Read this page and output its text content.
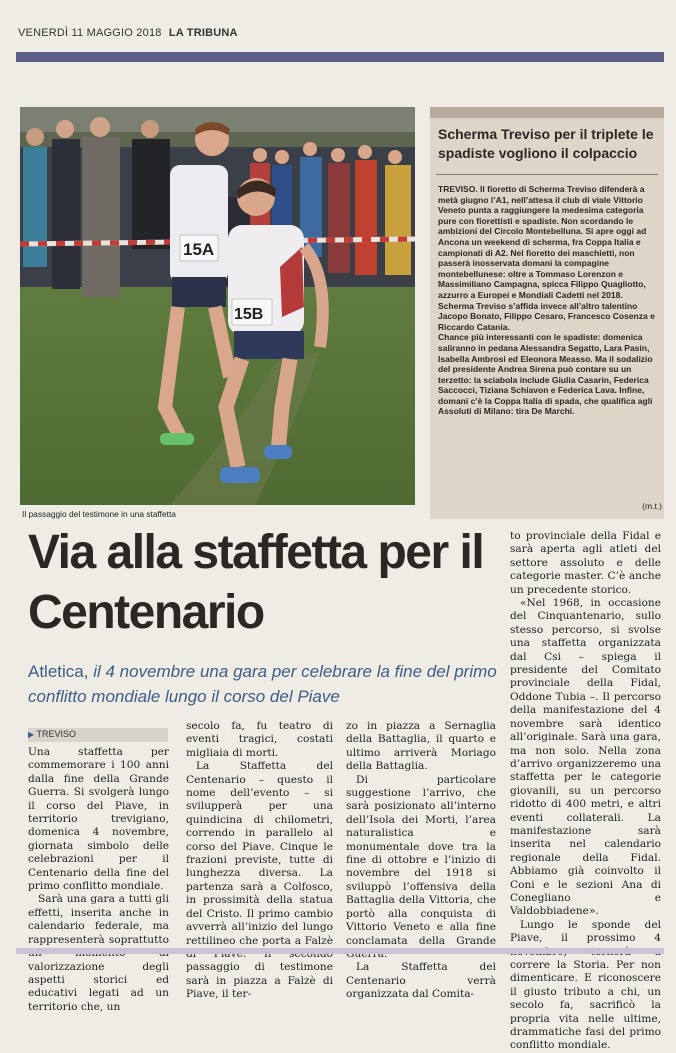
VENERDÌ 11 MAGGIO 2018 LA TRIBUNA
15A
15B
Il passaggio del testimone in una staffetta
Scherma Treviso per il triplete le spadiste vogliono il colpaccio

TREVISO. Il fioretto di Scherma Treviso difenderà a metà giugno l’A1, nell’attesa il club di viale Vittorio Veneto punta a raggiungere la medesima categoria pure con fiorettisti e spadiste. Non scordando le ambizioni del Circolo Montebelluna. Si apre oggi ad Ancona un weekend di scherma, fra Coppa Italia e campionati di A2. Nel fioretto dei maschietti, non passerà inosservata domani la compagine montebellunese: oltre a Tommaso Lorenzon e Massimiliano Campagna, spicca Filippo Quagliotto, azzurro a Europei e Mondiali Cadetti nel 2018. Scherma Treviso s’affida invece all’altro talentino Jacopo Bonato, Filippo Cesaro, Francesco Cosenza e Riccardo Catania.

Chance più interessanti con le spadiste: domenica saliranno in pedana Alessandra Segatto, Lara Pasin, Isabella Ambrosi ed Eleonora Measso. Ma il sodalizio del presidente Andrea Sirena può contare su un terzetto: la sciabola include Giulia Casarin, Federica Saccocci, Tiziana Schiavon e Federica Lava. Infine, domani c’è la Coppa Italia di spada, che qualifica agli Assoluti di Milano: tira De Marchi.

(m.t.)
Via alla staffetta per il Centenario
Atletica, il 4 novembre una gara per celebrare la fine del primo conflitto mondiale lungo il corso del Piave
▶ TREVISO

Una staffetta per commemorare i 100 anni dalla fine della Grande Guerra. Si svolgerà lungo il corso del Piave, in territorio trevigiano, domenica 4 novembre, giornata simbolo delle celebrazioni per il Centenario della fine del primo conflitto mondiale.

Sarà una gara a tutti gli effetti, inserita anche in calendario federale, ma rappresenterà soprattutto valorizzazione degli aspetti storici ed educativi legati ad un territorio che, un

secolo fa, fu teatro di eventi tragici, costati migliaia di morti.

La Staffetta del Centenario – questo il nome dell’evento – si svilupperà per una quindicina di chilometri, correndo in parallelo al corso del Piave. Cinque le frazioni previste, tutte di lunghezza diversa. La partenza sarà a Colfosco, in prossimità della statua del Cristo. Il primo cambio avverrà all’inizio del lungo rettilineo che porta a Falzè passaggio di testimone sarà in piazza a Falzè di Piave, il ter-

zo in piazza a Sernaglia della Battaglia, il quarto e ultimo arriverà Moriago della Battaglia.

Di particolare suggestione l’arrivo, che sarà posizionato all’interno dell’Isola dei Morti, l’area naturalistica e monumentale dove tra la fine di ottobre e l’inizio di novembre del 1918 si sviluppò l’offensiva della Battaglia della Vittoria, che portò alla conquista di Vittorio Veneto e alla fine conclamata della Grande

La Staffetta del Centenario verrà organizzata dal Comita-

to provinciale della Fidal e sarà aperta agli atleti del settore assoluto e delle categorie master. C’è anche un precedente storico.

«Nel 1968, in occasione del Cinquantenario, sullo stesso percorso, si svolse una staffetta organizzata dal Csi – spiega il presidente del Comitato provinciale della Fidal, Oddone Tubia –. Il percorso della manifestazione del 4 novembre sarà identico all’originale. Sarà una gara, ma non solo. Nella zona d’arrivo organizzeremo una staffetta per le categorie giovanili, su un percorso ridotto di 400 metri, e altri eventi collaterali. La manifestazione sarà inserita nel calendario regionale della Fidal. Abbiamo già coinvolto il Coni e le sezioni Ana di Conegliano e Valdobbiadene».

Lungo le sponde del Piave, il prossimo 4 correre la Storia. Per non dimenticare. E riconoscere il giusto tributo a chi, un secolo fa, sacrificò la propria vita nelle ultime, drammatiche fasi del primo conflitto mondiale.
